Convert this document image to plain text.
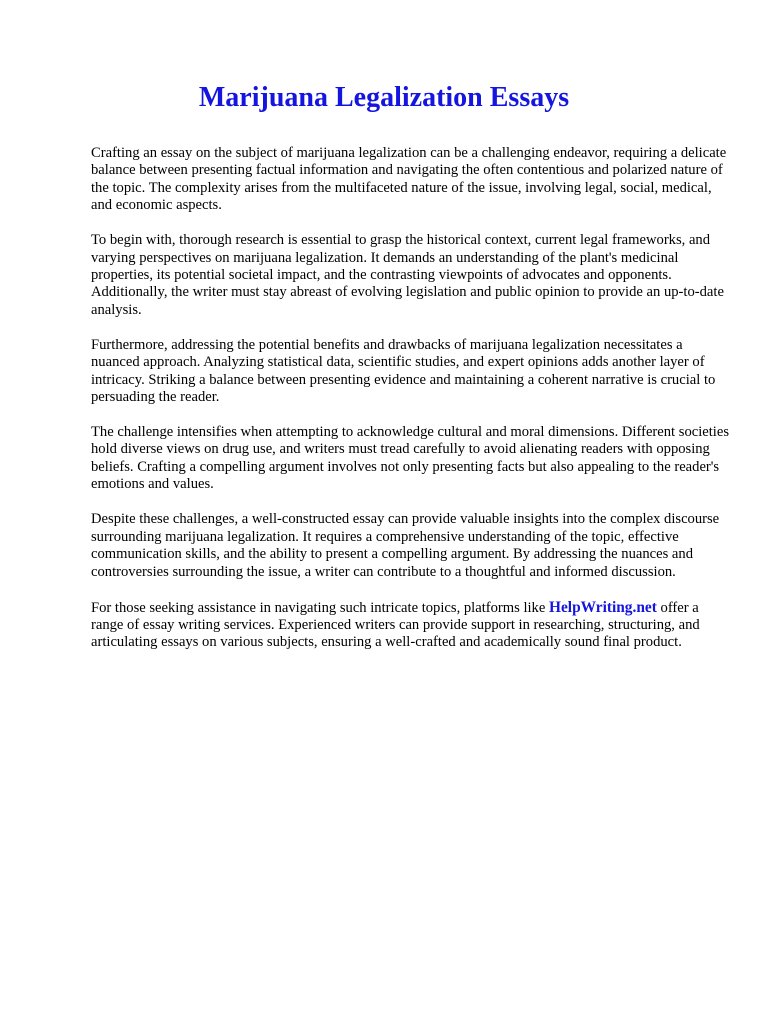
Marijuana Legalization Essays

Crafting an essay on the subject of marijuana legalization can be a challenging endeavor, requiring a delicate balance between presenting factual information and navigating the often contentious and polarized nature of the topic. The complexity arises from the multifaceted nature of the issue, involving legal, social, medical, and economic aspects.

To begin with, thorough research is essential to grasp the historical context, current legal frameworks, and varying perspectives on marijuana legalization. It demands an understanding of the plant's medicinal properties, its potential societal impact, and the contrasting viewpoints of advocates and opponents. Additionally, the writer must stay abreast of evolving legislation and public opinion to provide an up-to-date analysis.

Furthermore, addressing the potential benefits and drawbacks of marijuana legalization necessitates a nuanced approach. Analyzing statistical data, scientific studies, and expert opinions adds another layer of intricacy. Striking a balance between presenting evidence and maintaining a coherent narrative is crucial to persuading the reader.

The challenge intensifies when attempting to acknowledge cultural and moral dimensions. Different societies hold diverse views on drug use, and writers must tread carefully to avoid alienating readers with opposing beliefs. Crafting a compelling argument involves not only presenting facts but also appealing to the reader's emotions and values.

Despite these challenges, a well-constructed essay can provide valuable insights into the complex discourse surrounding marijuana legalization. It requires a comprehensive understanding of the topic, effective communication skills, and the ability to present a compelling argument. By addressing the nuances and controversies surrounding the issue, a writer can contribute to a thoughtful and informed discussion.

For those seeking assistance in navigating such intricate topics, platforms like HelpWriting.net offer a range of essay writing services. Experienced writers can provide support in researching, structuring, and articulating essays on various subjects, ensuring a well-crafted and academically sound final product.
